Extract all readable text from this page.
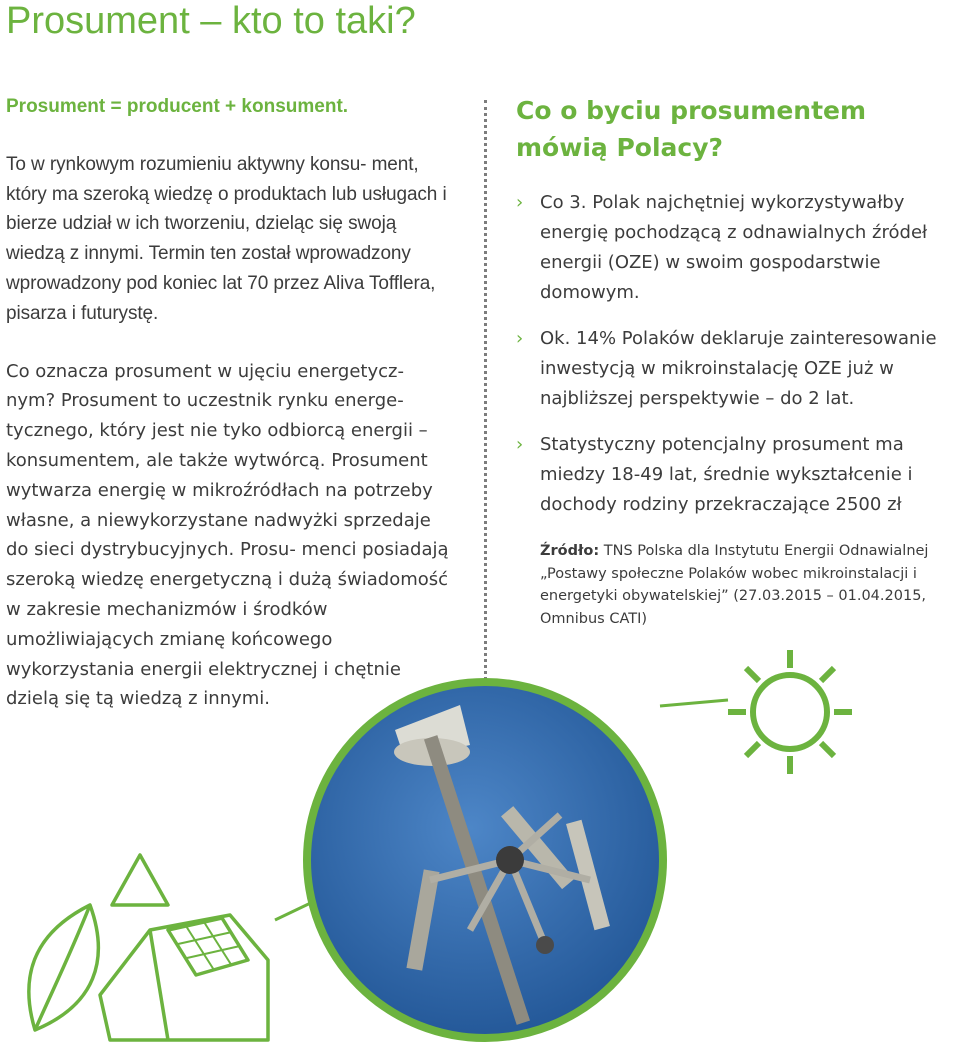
Prosument – kto to taki?

Prosument = producent + konsument.

To w rynkowym rozumieniu aktywny konsu- ment, który ma szeroką wiedzę o produktach lub usługach i bierze udział w ich tworzeniu, dzieląc się swoją wiedzą z innymi. Termin ten został wprowadzony wprowadzony pod koniec lat 70 przez Aliva Tofflera, pisarza i futurystę.

Co oznacza prosument w ujęciu energetycz- nym? Prosument to uczestnik rynku energe- tycznego, który jest nie tyko odbiorcą energii – konsumentem, ale także wytwórcą. Prosument wytwarza energię w mikroźródłach na potrzeby własne, a niewykorzystane nadwyżki sprzedaje do sieci dystrybucyjnych. Prosu- menci posiadają szeroką wiedzę energetyczną i dużą świadomość w zakresie mechanizmów i środków umożliwiających zmianę końcowego wykorzystania energii elektrycznej i chętnie dzielą się tą wiedzą z innymi.

Co o byciu prosumentem mówią Polacy?
› Co 3. Polak najchętniej wykorzystywałby energię pochodzącą z odnawialnych źródeł energii (OZE) w swoim gospodarstwie domowym.
› Ok. 14% Polaków deklaruje zainteresowanie inwestycją w mikroinstalację OZE już w najbliższej perspektywie – do 2 lat.
› Statystyczny potencjalny prosument ma miedzy 18-49 lat, średnie wykształcenie i dochody rodziny przekraczające 2500 zł
Źródło: TNS Polska dla Instytutu Energii Odnawialnej „Postawy społeczne Polaków wobec mikroinstalacji i energetyki obywatelskiej” (27.03.2015 – 01.04.2015, Omnibus CATI)
